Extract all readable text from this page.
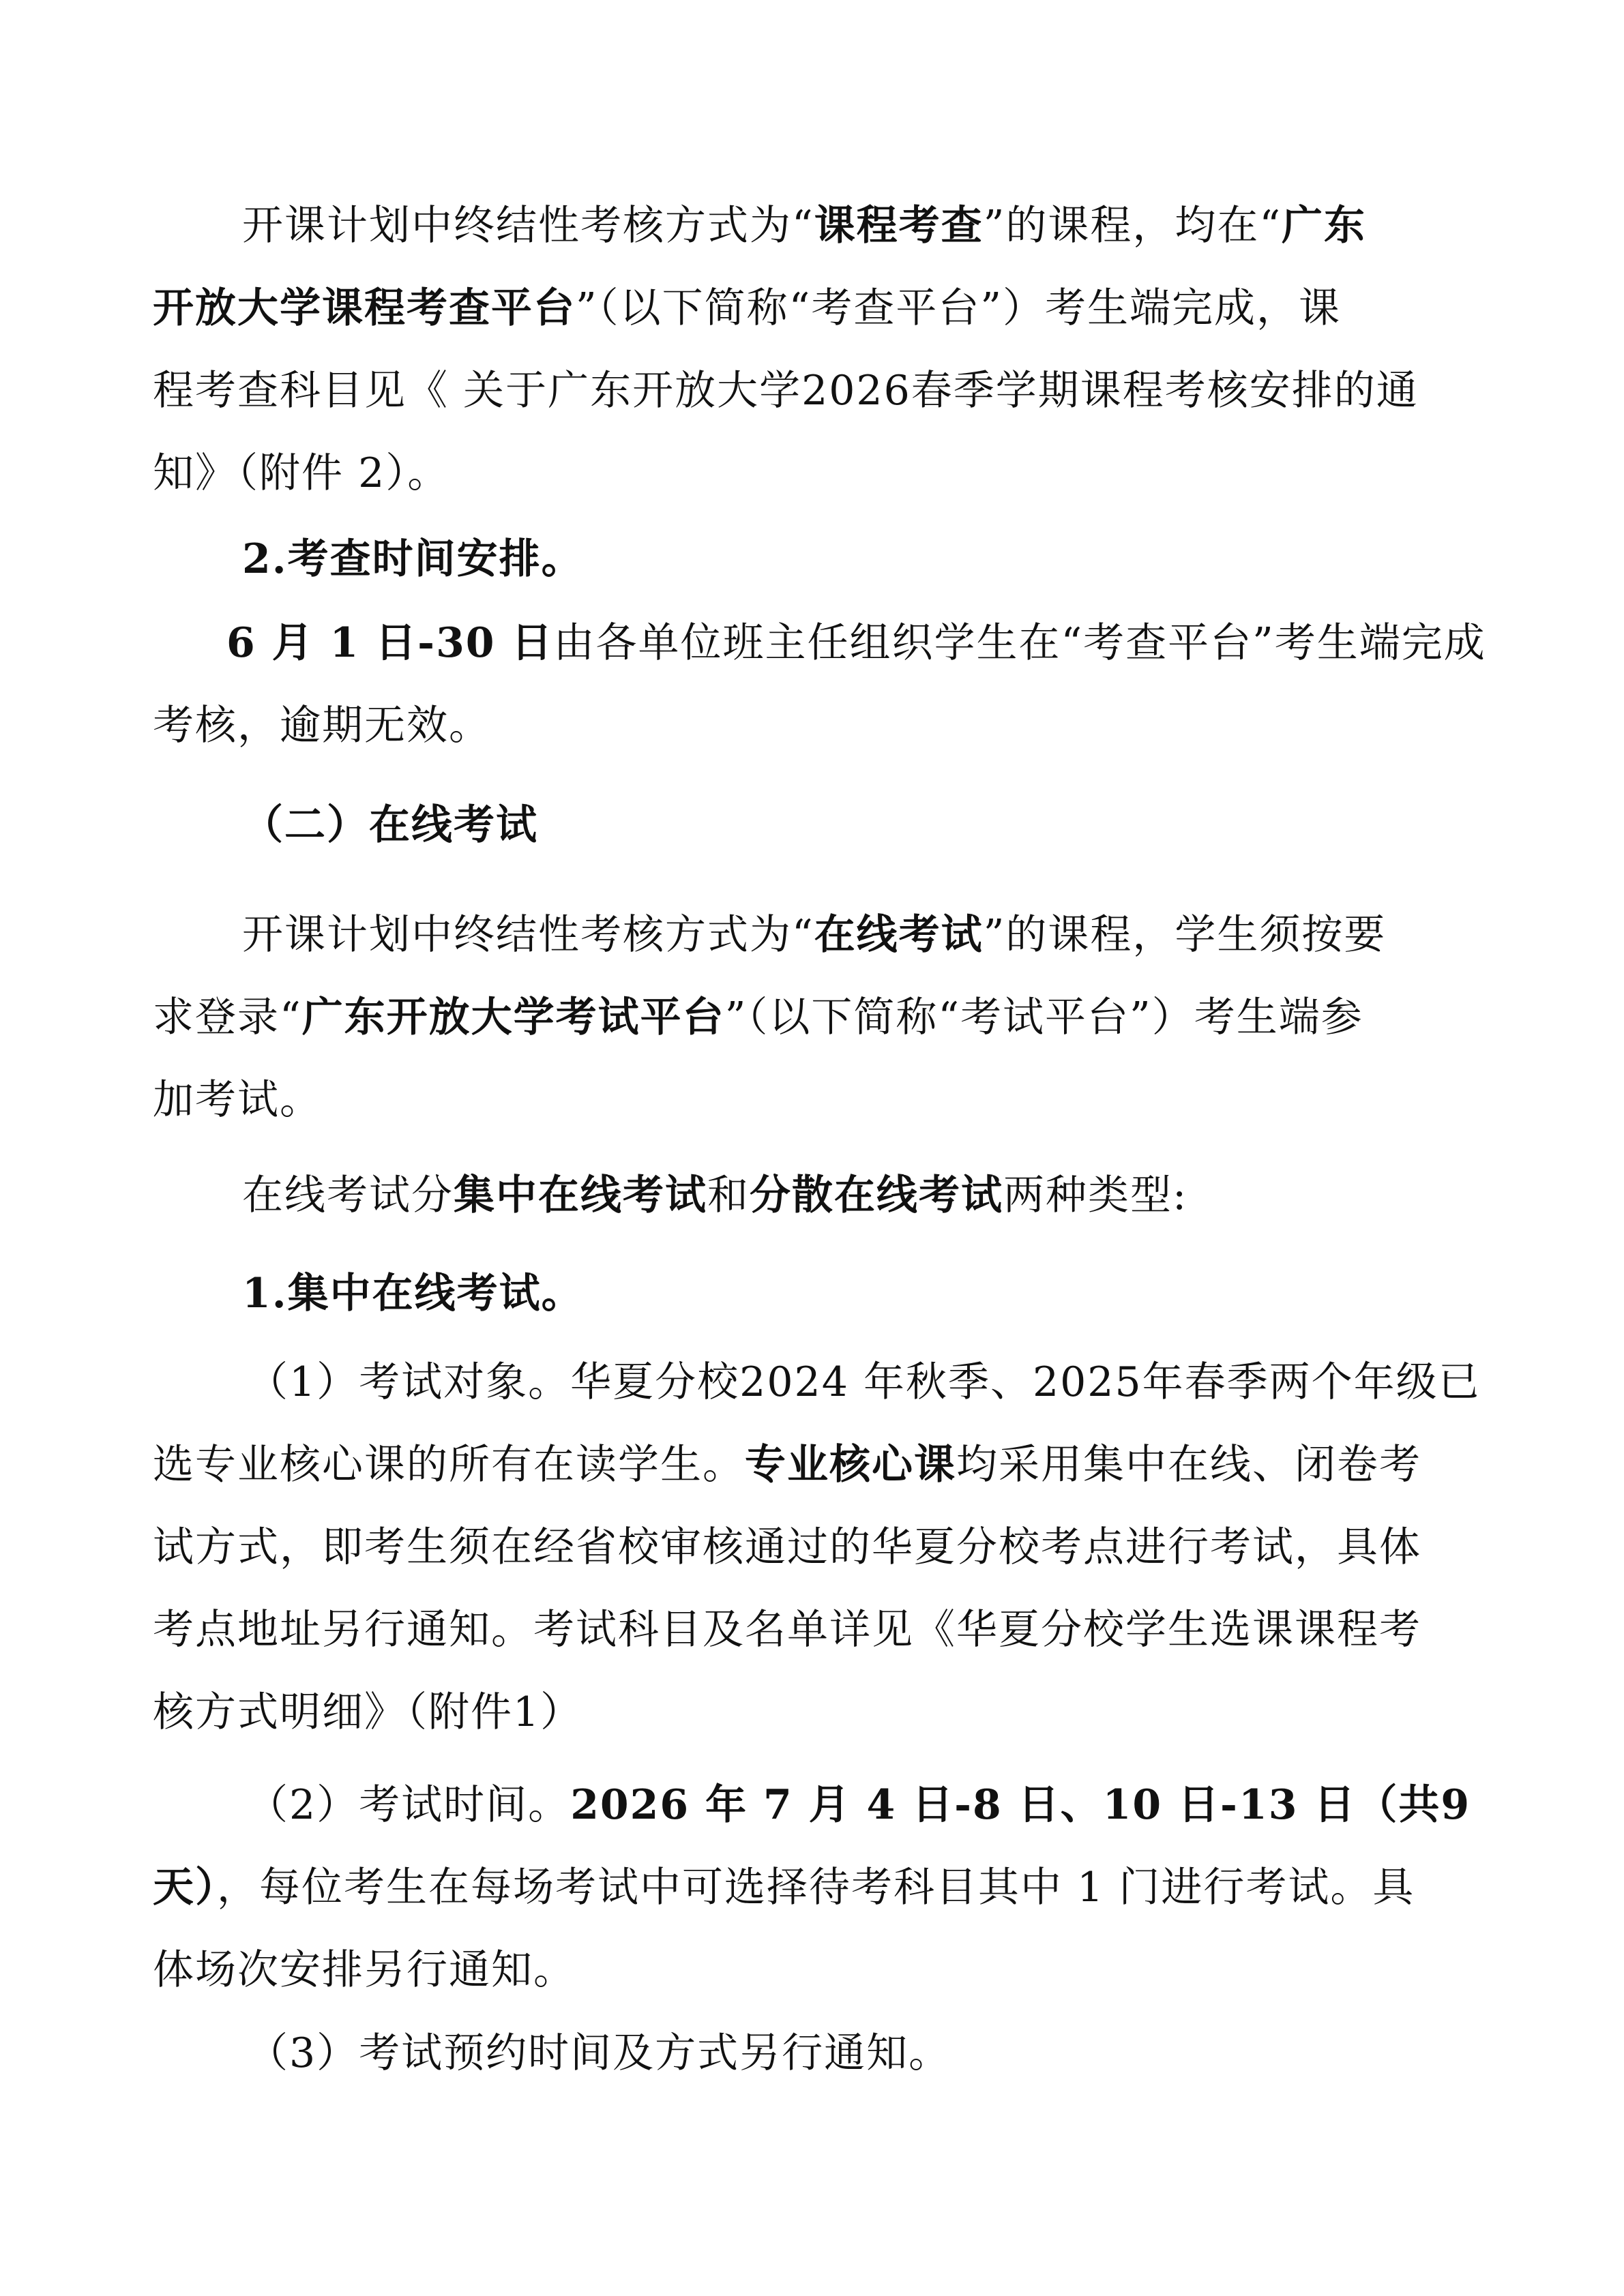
开课计划中终结性考核方式为“课程考查”的课程，均在“广东
开放大学课程考查平台”（以下简称“考查平台”）考生端完成，课
程考查科目见《 关于广东开放大学2026春季学期课程考核安排的通
知》（附件 2）。
2.考查时间安排。
6 月 1 日-30 日由各单位班主任组织学生在“考查平台”考生端完成
考核，逾期无效。
（二）在线考试
开课计划中终结性考核方式为“在线考试”的课程，学生须按要
求登录“广东开放大学考试平台”（以下简称“考试平台”）考生端参
加考试。
在线考试分集中在线考试和分散在线考试两种类型:
1.集中在线考试。
（1）考试对象。华夏分校2024 年秋季、2025年春季两个年级已
选专业核心课的所有在读学生。专业核心课均采用集中在线、闭卷考
试方式，即考生须在经省校审核通过的华夏分校考点进行考试，具体
考点地址另行通知。考试科目及名单详见《华夏分校学生选课课程考
核方式明细》（附件1）
（2）考试时间。2026 年 7 月 4 日-8 日、10 日-13 日（共9
天），每位考生在每场考试中可选择待考科目其中 1 门进行考试。具
体场次安排另行通知。
（3）考试预约时间及方式另行通知。
